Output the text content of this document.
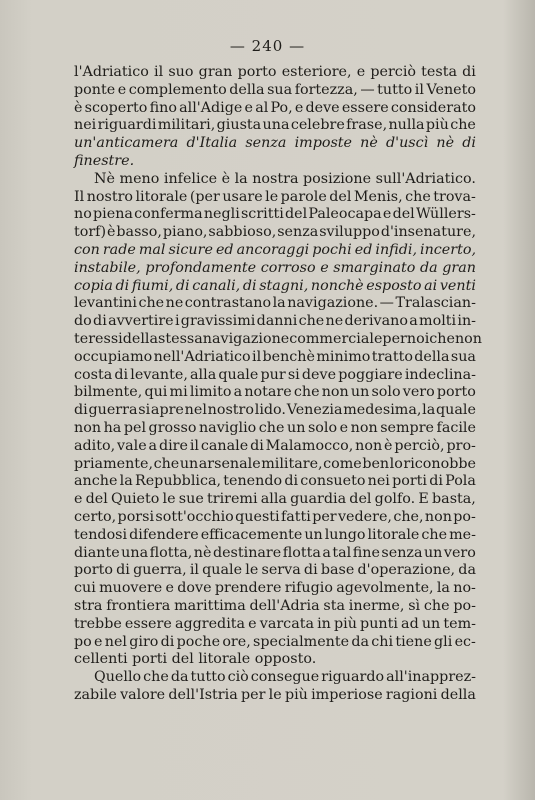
— 240 —
l'Adriatico il suo gran porto esteriore, e perciò testa di
ponte e complemento della sua fortezza, — tutto il Veneto
è scoperto fino all'Adige e al Po, e deve essere considerato
nei riguardi militari, giusta una celebre frase, nulla più che
un'anticamera d'Italia senza imposte nè d'uscì nè di
finestre.
Nè meno infelice è la nostra posizione sull'Adriatico.
Il nostro litorale (per usare le parole del Menis, che trova-
no piena conferma negli scritti del Paleocapa e del Wüllers-
torf) è basso, piano, sabbioso, senza sviluppo d'insenature,
con rade mal sicure ed ancoraggi pochi ed infidi, incerto,
instabile, profondamente corroso e smarginato da gran
copia di fiumi, di canali, di stagni, nonchè esposto ai venti
levantini che ne contrastano la navigazione. — Tralascian-
do di avvertire i gravissimi danni che ne derivano a molti in-
teressi della stessa navigazione commerciale per noi che non
occupiamo nell'Adriatico il benchè minimo tratto della sua
costa di levante, alla quale pur si deve poggiare indeclina-
bilmente, qui mi limito a notare che non un solo vero porto
di guerra si apre nel nostro lido. Venezia medesima, la quale
non ha pel grosso naviglio che un solo e non sempre facile
adito, vale a dire il canale di Malamocco, non è perciò, pro-
priamente, che un arsenale militare, come ben lo riconobbe
anche la Repubblica, tenendo di consueto nei porti di Pola
e del Quieto le sue triremi alla guardia del golfo. E basta,
certo, porsi sott'occhio questi fatti per vedere, che, non po-
tendosi difendere efficacemente un lungo litorale che me-
diante una flotta, nè destinare flotta a tal fine senza un vero
porto di guerra, il quale le serva di base d'operazione, da
cui muovere e dove prendere rifugio agevolmente, la no-
stra frontiera marittima dell'Adria sta inerme, sì che po-
trebbe essere aggredita e varcata in più punti ad un tem-
po e nel giro di poche ore, specialmente da chi tiene gli ec-
cellenti porti del litorale opposto.
Quello che da tutto ciò consegue riguardo all'inapprez-
zabile valore dell'Istria per le più imperiose ragioni della
